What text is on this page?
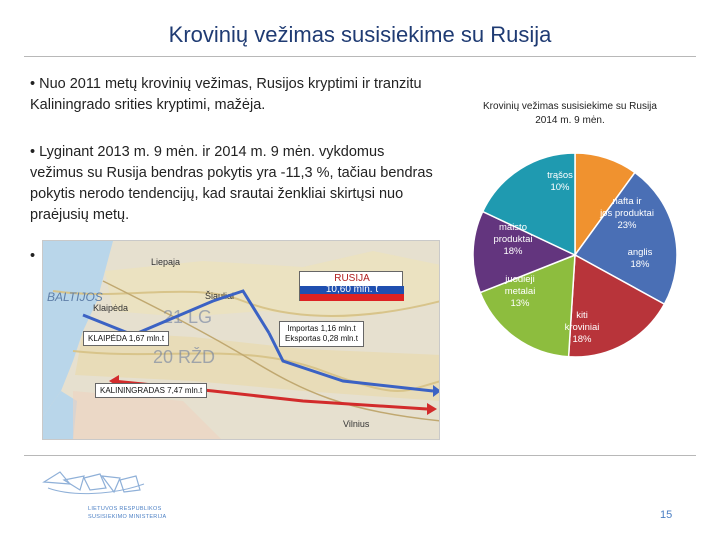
Krovinių vežimas susisiekime su Rusija
• Nuo 2011 metų krovinių vežimas, Rusijos kryptimi ir tranzitu Kaliningrado srities kryptimi, mažėja.
• Lyginant 2013 m. 9 mėn. ir 2014 m. 9 mėn. vykdomus vežimus su Rusija bendras pokytis yra -11,3 %, tačiau bendras pokytis nerodo tendencijų, kad srautai ženkliai skirtųsi nuo praėjusių metų.
•	Liepaja
Klaipėda
BALTIJOS	Šiauliai
Vilnius
21 LG
20 RŽD
RUSIJA
10,60 mln. t
KLAIPĖDA 1,67 mln.t
KALININGRADAS 7,47 mln.t
Importas 1,16 mln.t
Eksportas 0,28 mln.t
Krovinių vežimas susisiekime su Rusija
2014 m. 9 mėn.
trąšos 10%
nafta ir jos produktai 23%
anglis 18%
kiti kroviniai 18%
juodieji metalai 13%
maisto produktai 18%
LIETUVOS RESPUBLIKOS
SUSISIEKIMO MINISTERIJA	15
